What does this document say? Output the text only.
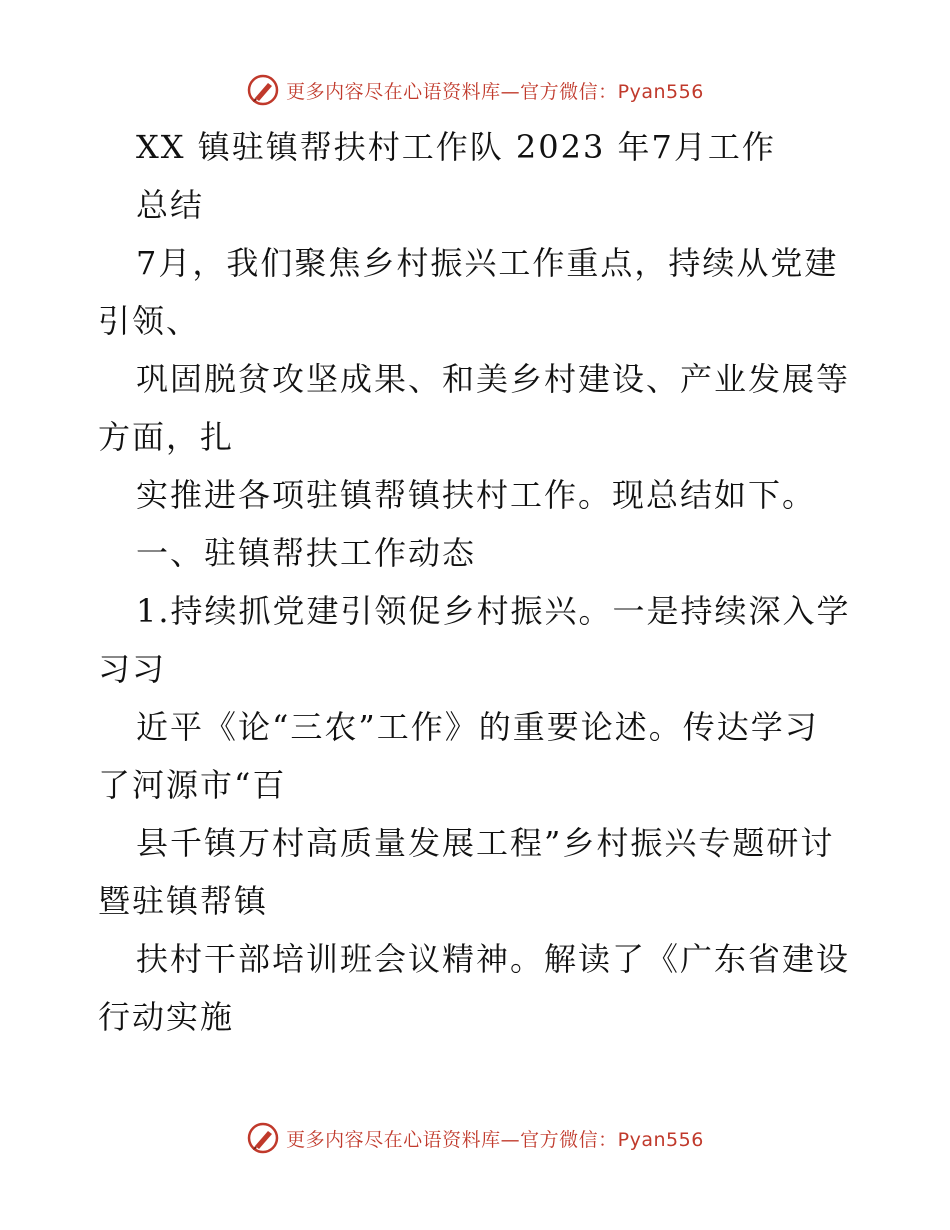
更多内容尽在心语资料库—官方微信：Pyan556
XX 镇驻镇帮扶村工作队 2023 年7月工作
总结
7月，我们聚焦乡村振兴工作重点，持续从党建
引领、
巩固脱贫攻坚成果、和美乡村建设、产业发展等
方面，扎
实推进各项驻镇帮镇扶村工作。现总结如下。
一、驻镇帮扶工作动态
1.持续抓党建引领促乡村振兴。一是持续深入学
习习
近平《论“三农”工作》的重要论述。传达学习
了河源市“百
县千镇万村高质量发展工程”乡村振兴专题研讨
暨驻镇帮镇
扶村干部培训班会议精神。解读了《广东省建设
行动实施
更多内容尽在心语资料库—官方微信：Pyan556
